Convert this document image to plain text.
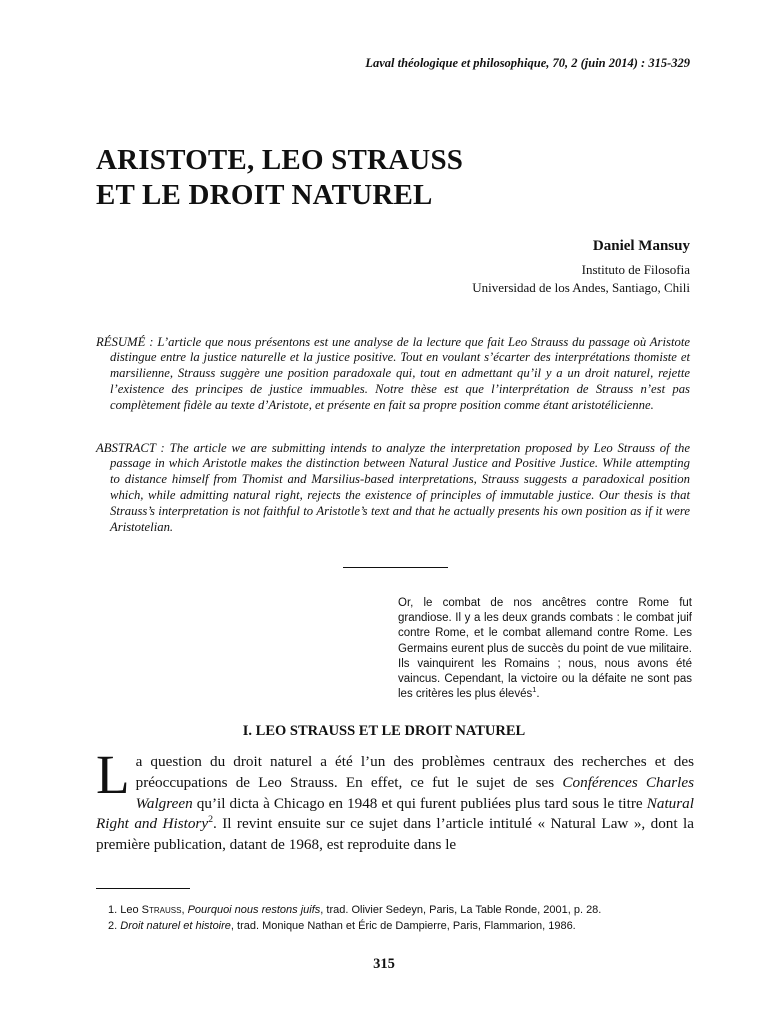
Laval théologique et philosophique, 70, 2 (juin 2014) : 315-329
ARISTOTE, LEO STRAUSS
ET LE DROIT NATUREL
Daniel Mansuy
Instituto de Filosofia
Universidad de los Andes, Santiago, Chili

RÉSUMÉ : L’article que nous présentons est une analyse de la lecture que fait Leo Strauss du passage où Aristote distingue entre la justice naturelle et la justice positive. Tout en voulant s’écarter des interprétations thomiste et marsilienne, Strauss suggère une position paradoxale qui, tout en admettant qu’il y a un droit naturel, rejette l’existence des principes de justice immuables. Notre thèse est que l’interprétation de Strauss n’est pas complètement fidèle au texte d’Aristote, et présente en fait sa propre position comme étant aristotélicienne.

ABSTRACT : The article we are submitting intends to analyze the interpretation proposed by Leo Strauss of the passage in which Aristotle makes the distinction between Natural Justice and Positive Justice. While attempting to distance himself from Thomist and Marsilius-based interpretations, Strauss suggests a paradoxical position which, while admitting natural right, rejects the existence of principles of immutable justice. Our thesis is that Strauss’s interpretation is not faithful to Aristotle’s text and that he actually presents his own position as if it were Aristotelian.

Or, le combat de nos ancêtres contre Rome fut grandiose. Il y a les deux grands combats : le combat juif contre Rome, et le combat allemand contre Rome. Les Germains eurent plus de succès du point de vue militaire. Ils vainquirent les Romains ; nous, nous avons été vaincus. Cependant, la victoire ou la défaite ne sont pas les critères les plus élevés$^1$.
I. LEO STRAUSS ET LE DROIT NATUREL
La question du droit naturel a été l’un des problèmes centraux des recherches et des préoccupations de Leo Strauss. En effet, ce fut le sujet de ses Conférences Charles Walgreen qu’il dicta à Chicago en 1948 et qui furent publiées plus tard sous le titre Natural Right and History$^2$. Il revint ensuite sur ce sujet dans l’article intitulé « Natural Law », dont la première publication, datant de 1968, est reproduite dans le
1. Leo Strauss, Pourquoi nous restons juifs, trad. Olivier Sedeyn, Paris, La Table Ronde, 2001, p. 28.
2. Droit naturel et histoire, trad. Monique Nathan et Éric de Dampierre, Paris, Flammarion, 1986.
315
